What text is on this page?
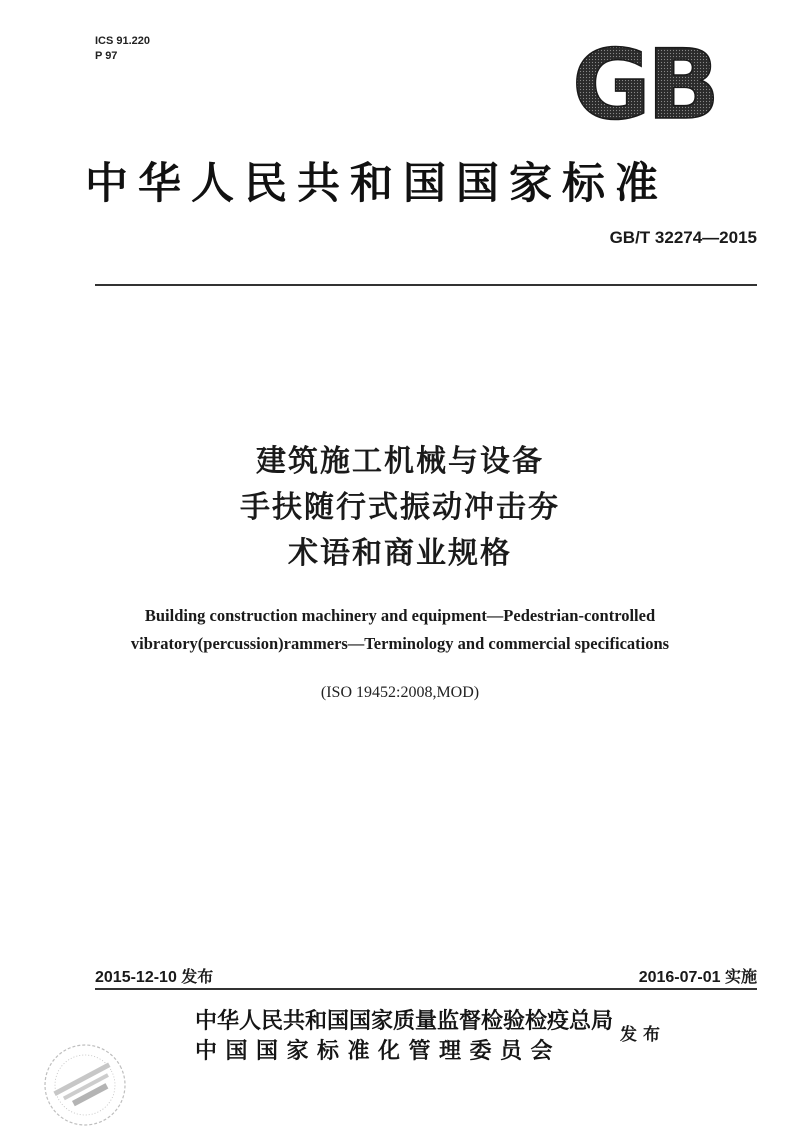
ICS 91.220
P 97	GB
中华人民共和国国家标准
GB/T 32274—2015
建筑施工机械与设备
手扶随行式振动冲击夯
术语和商业规格
Building construction machinery and equipment—Pedestrian-controlled
vibratory(percussion)rammers—Terminology and commercial specifications
(ISO 19452:2008,MOD)
2015-12-10 发布	2016-07-01 实施
中华人民共和国国家质量监督检验检疫总局
中国国家标准化管理委员会
发布
